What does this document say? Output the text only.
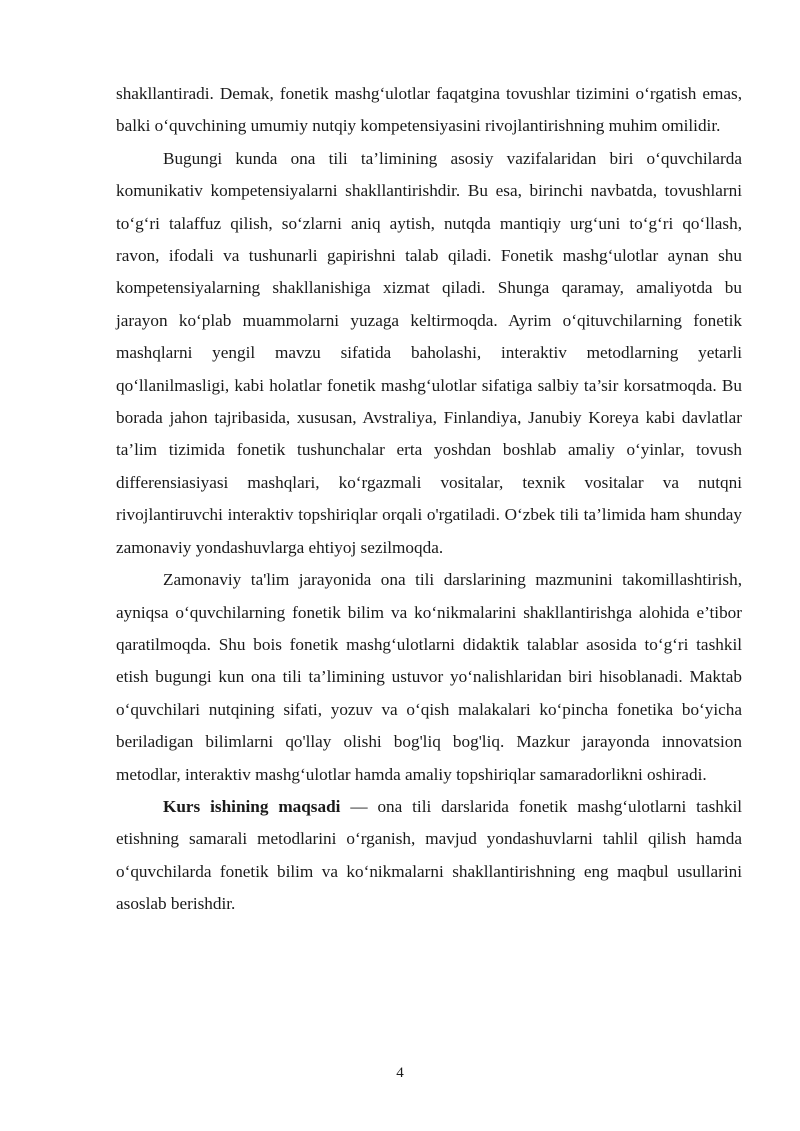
shakllantiradi. Demak, fonetik mashg‘ulotlar faqatgina tovushlar tizimini o‘rgatish emas, balki o‘quvchining umumiy nutqiy kompetensiyasini rivojlantirishning muhim omilidir.

Bugungi kunda ona tili ta’limining asosiy vazifalaridan biri o‘quvchilarda komunikativ kompetensiyalarni shakllantirishdir. Bu esa, birinchi navbatda, tovushlarni to‘g‘ri talaffuz qilish, so‘zlarni aniq aytish, nutqda mantiqiy urg‘uni to‘g‘ri qo‘llash, ravon, ifodali va tushunarli gapirishni talab qiladi. Fonetik mashg‘ulotlar aynan shu kompetensiyalarning shakllanishiga xizmat qiladi. Shunga qaramay, amaliyotda bu jarayon ko‘plab muammolarni yuzaga keltirmoqda. Ayrim o‘qituvchilarning fonetik mashqlarni yengil mavzu sifatida baholashi, interaktiv metodlarning yetarli qo‘llanilmasligi, kabi holatlar fonetik mashg‘ulotlar sifatiga salbiy ta’sir korsatmoqda. Bu borada jahon tajribasida, xususan, Avstraliya, Finlandiya, Janubiy Koreya kabi davlatlar ta’lim tizimida fonetik tushunchalar erta yoshdan boshlab amaliy o‘yinlar, tovush differensiasiyasi mashqlari, ko‘rgazmali vositalar, texnik vositalar va nutqni rivojlantiruvchi interaktiv topshiriqlar orqali o'rgatiladi. O‘zbek tili ta’limida ham shunday zamonaviy yondashuvlarga ehtiyoj sezilmoqda.

Zamonaviy ta'lim jarayonida ona tili darslarining mazmunini takomillashtirish, ayniqsa o‘quvchilarning fonetik bilim va ko‘nikmalarini shakllantirishga alohida e’tibor qaratilmoqda. Shu bois fonetik mashg‘ulotlarni didaktik talablar asosida to‘g‘ri tashkil etish bugungi kun ona tili ta’limining ustuvor yo‘nalishlaridan biri hisoblanadi. Maktab o‘quvchilari nutqining sifati, yozuv va o‘qish malakalari ko‘pincha fonetika bo‘yicha beriladigan bilimlarni qo'llay olishi bog'liq bog'liq. Mazkur jarayonda innovatsion metodlar, interaktiv mashg‘ulotlar hamda amaliy topshiriqlar samaradorlikni oshiradi.

Kurs ishining maqsadi — ona tili darslarida fonetik mashg‘ulotlarni tashkil etishning samarali metodlarini o‘rganish, mavjud yondashuvlarni tahlil qilish hamda o‘quvchilarda fonetik bilim va ko‘nikmalarni shakllantirishning eng maqbul usullarini asoslab berishdir.

4
